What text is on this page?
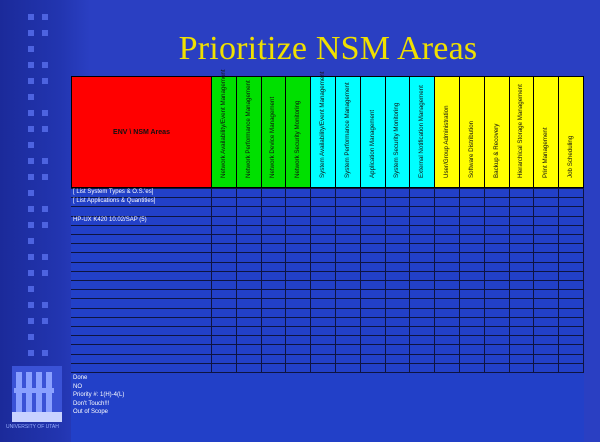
Prioritize NSM Areas
ENV \ NSM Areas	Network Availability/Event Management	Network Performance Management	Network Device Management	Network Security Monitoring	System Availability/Event Management	System Performance Management	Application Management	System Security Monitoring	External Notification Management	User/Group Administration	Software Distribution	Backup & Recovery	Hierarchical Storage Management	Print Management	Job Scheduling
[ List System Types & O.S.'es]
[ List Applications & Quantities]
HP-UX K420 10.02/SAP (5)
Done
NO
Priority #: 1(H)-4(L)
Don't Touch!!!
Out of Scope
UNIVERSITY OF UTAH
